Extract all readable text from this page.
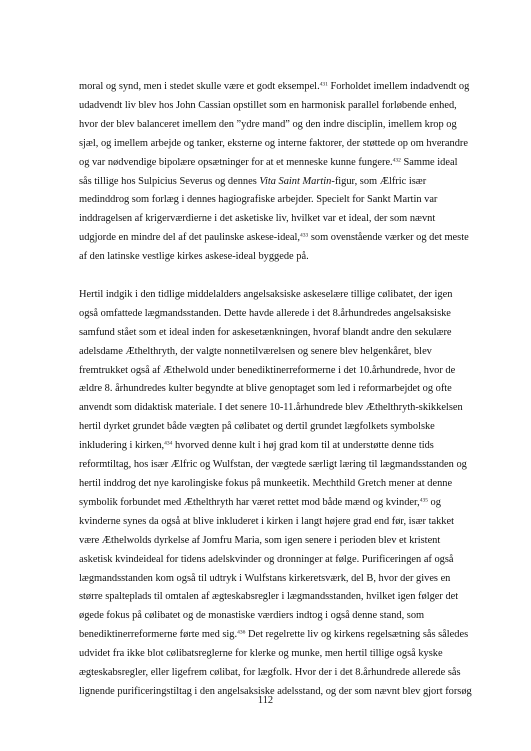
moral og synd, men i stedet skulle være et godt eksempel.$^{431}$ Forholdet imellem indadvendt og
udadvendt liv blev hos John Cassian opstillet som en harmonisk parallel forløbende enhed,
hvor der blev balanceret imellem den ”ydre mand” og den indre disciplin, imellem krop og
sjæl, og imellem arbejde og tanker, eksterne og interne faktorer, der støttede op om hverandre
og var nødvendige bipolære opsætninger for at et menneske kunne fungere.$^{432}$ Samme ideal
sås tillige hos Sulpicius Severus og dennes Vita Saint Martin-figur, som Ælfric især
medinddrog som forlæg i dennes hagiografiske arbejder. Specielt for Sankt Martin var
inddragelsen af krigerværdierne i det asketiske liv, hvilket var et ideal, der som nævnt
udgjorde en mindre del af det paulinske askese-ideal,$^{433}$ som ovenstående værker og det meste
af den latinske vestlige kirkes askese-ideal byggede på.

Hertil indgik i den tidlige middelalders angelsaksiske askeselære tillige cølibatet, der igen
også omfattede lægmandsstanden. Dette havde allerede i det 8.århundredes angelsaksiske
samfund stået som et ideal inden for askesetænkningen, hvoraf blandt andre den sekulære
adelsdame Æthelthryth, der valgte nonnetilværelsen og senere blev helgenkåret, blev
fremtrukket også af Æthelwold under benediktinerreformerne i det 10.århundrede, hvor de
ældre 8. århundredes kulter begyndte at blive genoptaget som led i reformarbejdet og ofte
anvendt som didaktisk materiale. I det senere 10-11.århundrede blev Æthelthryth-skikkelsen
hertil dyrket grundet både vægten på cølibatet og dertil grundet lægfolkets symbolske
inkludering i kirken,$^{434}$ hvorved denne kult i høj grad kom til at understøtte denne tids
reformtiltag, hos især Ælfric og Wulfstan, der vægtede særligt læring til lægmandsstanden og
hertil inddrog det nye karolingiske fokus på munkeetik. Mechthild Gretch mener at denne
symbolik forbundet med Æthelthryth har været rettet mod både mænd og kvinder,$^{435}$ og
kvinderne synes da også at blive inkluderet i kirken i langt højere grad end før, især takket
være Æthelwolds dyrkelse af Jomfru Maria, som igen senere i perioden blev et kristent
asketisk kvindeideal for tidens adelskvinder og dronninger at følge. Purificeringen af også
lægmandsstanden kom også til udtryk i Wulfstans kirkeretsværk, del B, hvor der gives en
større spalteplads til omtalen af ægteskabsregler i lægmandsstanden, hvilket igen følger det
øgede fokus på cølibatet og de monastiske værdiers indtog i også denne stand, som
benediktinerreformerne førte med sig.$^{436}$ Det regelrette liv og kirkens regelsætning sås således
udvidet fra ikke blot cølibatsreglerne for klerke og munke, men hertil tillige også kyske
ægteskabsregler, eller ligefrem cølibat, for lægfolk. Hvor der i det 8.århundrede allerede sås
lignende purificeringstiltag i den angelsaksiske adelsstand, og der som nævnt blev gjort forsøg

112
